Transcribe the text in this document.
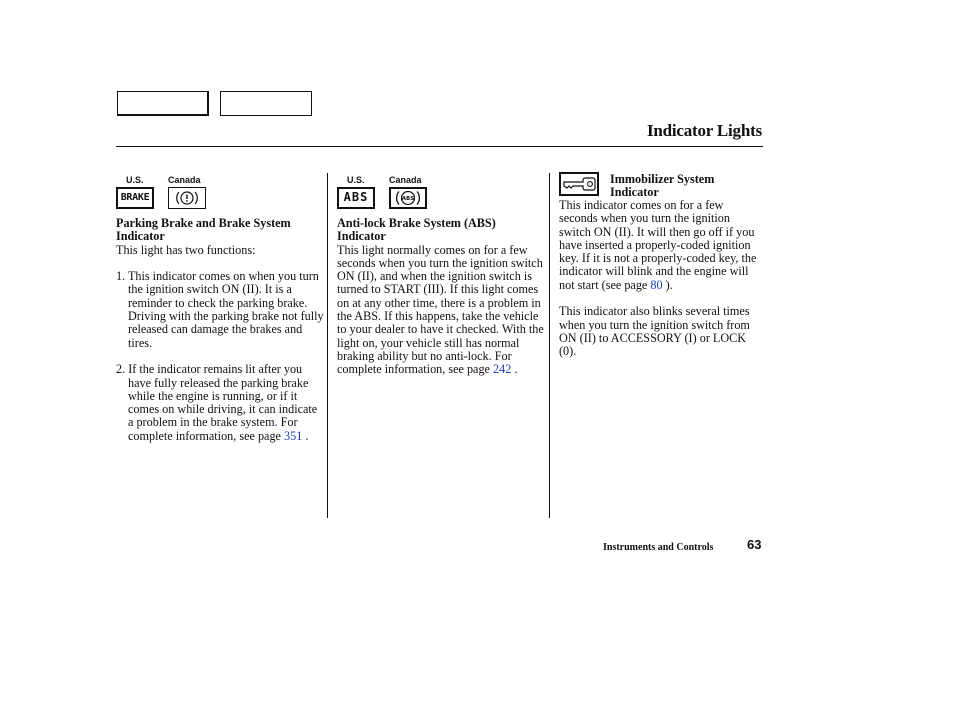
Indicator Lights
U.S.	Canada
BRAKE

Parking Brake and Brake System Indicator

This light has two functions:

1. This indicator comes on when you turn the ignition switch ON (II). It is a reminder to check the parking brake. Driving with the parking brake not fully released can damage the brakes and tires.

2. If the indicator remains lit after you have fully released the parking brake while the engine is running, or if it comes on while driving, it can indicate a problem in the brake system. For complete information, see page 351 .

U.S.	Canada
ABS	ABS

Anti-lock Brake System (ABS) Indicator

This light normally comes on for a few seconds when you turn the ignition switch ON (II), and when the ignition switch is turned to START (III). If this light comes on at any other time, there is a problem in the ABS. If this happens, take the vehicle to your dealer to have it checked. With the light on, your vehicle still has normal braking ability but no anti-lock. For complete information, see page 242 .

Immobilizer System Indicator

This indicator comes on for a few seconds when you turn the ignition switch ON (II). It will then go off if you have inserted a properly-coded ignition key. If it is not a properly-coded key, the indicator will blink and the engine will not start (see page 80 ).

This indicator also blinks several times when you turn the ignition switch from ON (II) to ACCESSORY (I) or LOCK (0).

Instruments and Controls	63
